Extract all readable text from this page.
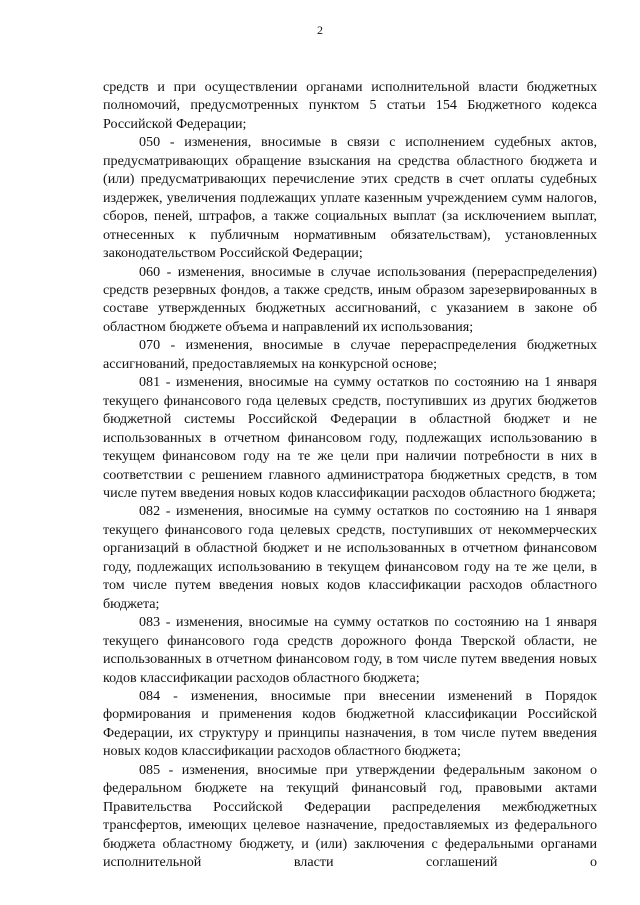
2

средств и при осуществлении органами исполнительной власти бюджетных полномочий, предусмотренных пунктом 5 статьи 154 Бюджетного кодекса Российской Федерации;

050 - изменения, вносимые в связи с исполнением судебных актов, предусматривающих обращение взыскания на средства областного бюджета и (или) предусматривающих перечисление этих средств в счет оплаты судебных издержек, увеличения подлежащих уплате казенным учреждением сумм налогов, сборов, пеней, штрафов, а также социальных выплат (за исключением выплат, отнесенных к публичным нормативным обязательствам), установленных законодательством Российской Федерации;

060 - изменения, вносимые в случае использования (перераспределения) средств резервных фондов, а также средств, иным образом зарезервированных в составе утвержденных бюджетных ассигнований, с указанием в законе об областном бюджете объема и направлений их использования;

070 - изменения, вносимые в случае перераспределения бюджетных ассигнований, предоставляемых на конкурсной основе;

081 - изменения, вносимые на сумму остатков по состоянию на 1 января текущего финансового года целевых средств, поступивших из других бюджетов бюджетной системы Российской Федерации в областной бюджет и не использованных в отчетном финансовом году, подлежащих использованию в текущем финансовом году на те же цели при наличии потребности в них в соответствии с решением главного администратора бюджетных средств, в том числе путем введения новых кодов классификации расходов областного бюджета;

082 - изменения, вносимые на сумму остатков по состоянию на 1 января текущего финансового года целевых средств, поступивших от некоммерческих организаций в областной бюджет и не использованных в отчетном финансовом году, подлежащих использованию в текущем финансовом году на те же цели, в том числе путем введения новых кодов классификации расходов областного бюджета;

083 - изменения, вносимые на сумму остатков по состоянию на 1 января текущего финансового года средств дорожного фонда Тверской области, не использованных в отчетном финансовом году, в том числе путем введения новых кодов классификации расходов областного бюджета;

084 - изменения, вносимые при внесении изменений в Порядок формирования и применения кодов бюджетной классификации Российской Федерации, их структуру и принципы назначения, в том числе путем введения новых кодов классификации расходов областного бюджета;

085 - изменения, вносимые при утверждении федеральным законом о федеральном бюджете на текущий финансовый год, правовыми актами Правительства Российской Федерации распределения межбюджетных трансфертов, имеющих целевое назначение, предоставляемых из федерального бюджета областному бюджету, и (или) заключения с федеральными органами исполнительной власти соглашений о
